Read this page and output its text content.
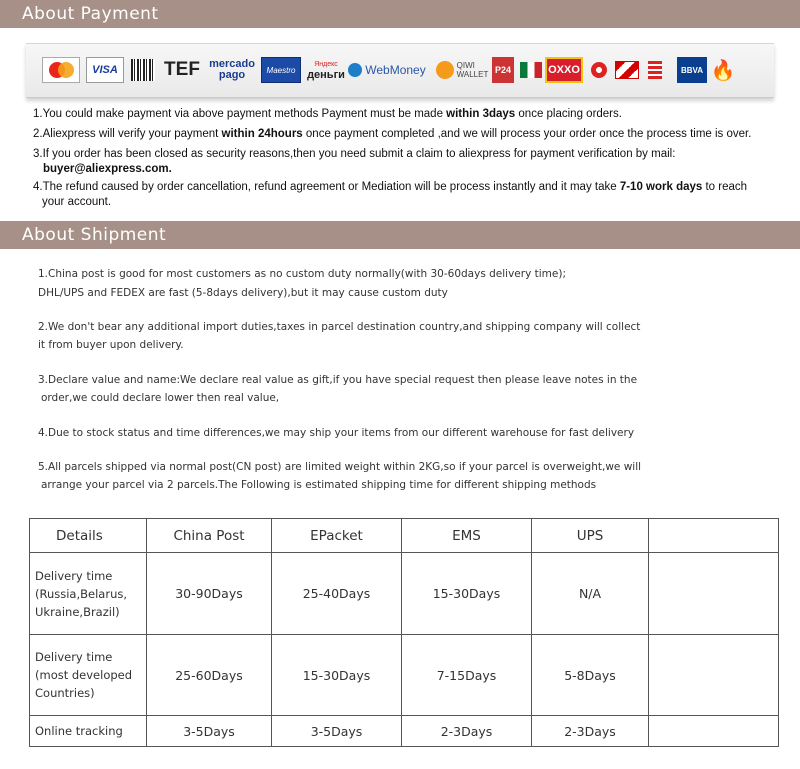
About Payment
VISA TEF mercado
pago	Maestro
Яндекс
деньги WebMoney	QIWI
WALLET P24	OXXO	BBVA 🔥

1.You could make payment via above payment methods Payment must be made within 3days once placing orders.

2.Aliexpress will verify your payment within 24hours once payment completed ,and we will process your order once the process time is over.

3.If you order has been closed as security reasons,then you need submit a claim to aliexpress for payment verification by mail:

buyer@aliexpress.com.

4.The refund caused by order cancellation, refund agreement or Mediation will be process instantly and it may take 7-10 work days to reach

your account.

About Shipment

1.China post is good for most customers as no custom duty normally(with 30-60days delivery time);

DHL/UPS and FEDEX are fast (5-8days delivery),but it may cause custom duty

2.We don't bear any additional import duties,taxes in parcel destination country,and shipping company will collect

it from buyer upon delivery.

3.Declare value and name:We declare real value as gift,if you have special request then please leave notes in the

order,we could declare lower then real value,

4.Due to stock status and time differences,we may ship your items from our different warehouse for fast delivery

5.All parcels shipped via normal post(CN post) are limited weight within 2KG,so if your parcel is overweight,we will

arrange your parcel via 2 parcels.The Following is estimated shipping time for different shipping methods

Details	China Post	EPacket	EMS	UPS	
Delivery time
(Russia,Belarus,
Ukraine,Brazil)	30-90Days	25-40Days	15-30Days	N/A	
Delivery time
(most developed
Countries)	25-60Days	15-30Days	7-15Days	5-8Days	
Online tracking	3-5Days	3-5Days	2-3Days	2-3Days	
